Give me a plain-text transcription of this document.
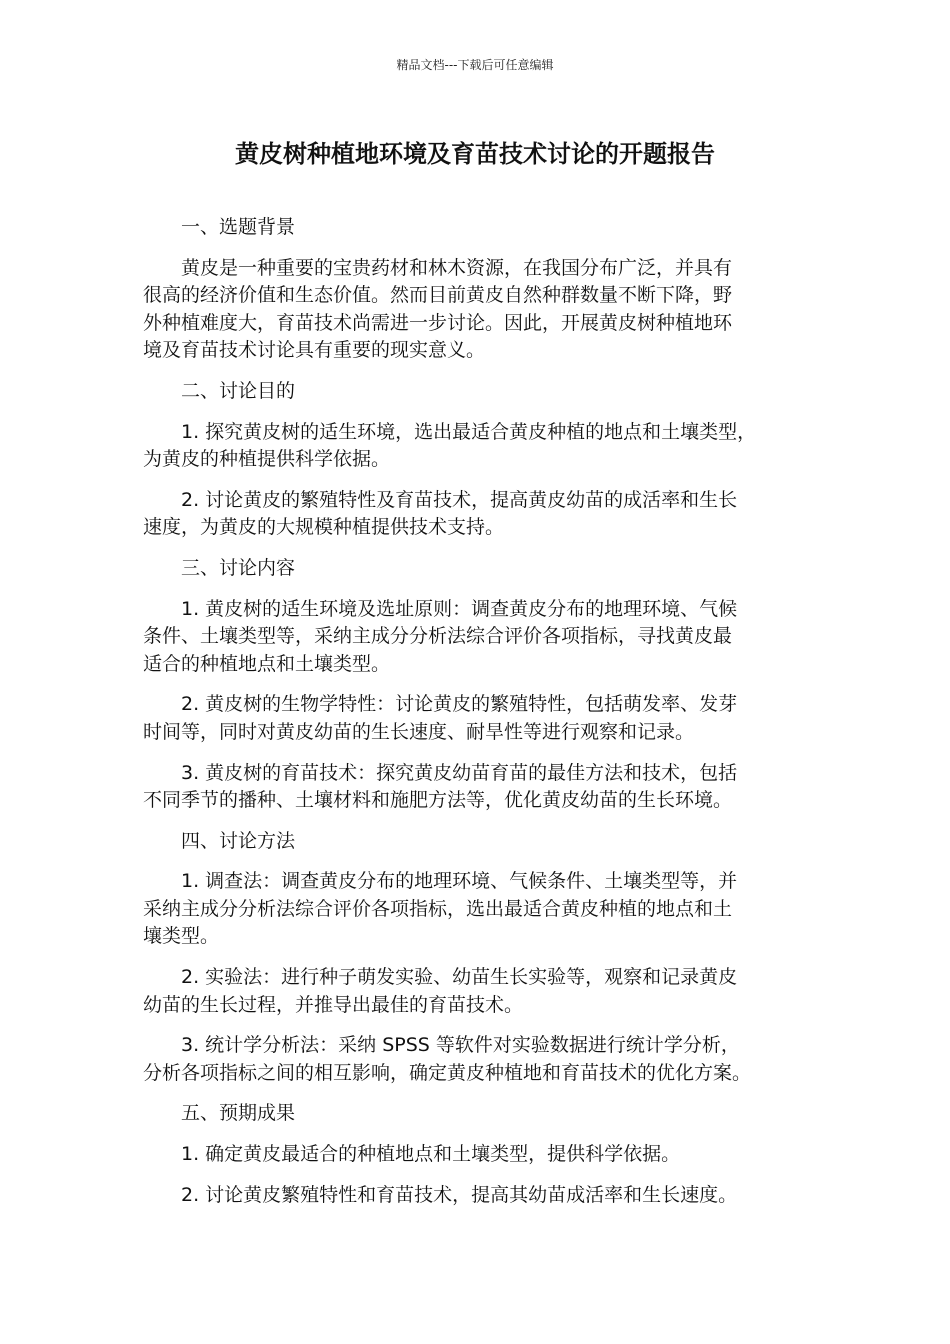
精品文档---下载后可任意编辑
黄皮树种植地环境及育苗技术讨论的开题报告

一、选题背景

黄皮是一种重要的宝贵药材和林木资源，在我国分布广泛，并具有
很高的经济价值和生态价值。然而目前黄皮自然种群数量不断下降，野
外种植难度大，育苗技术尚需进一步讨论。因此，开展黄皮树种植地环
境及育苗技术讨论具有重要的现实意义。

二、讨论目的

1. 探究黄皮树的适生环境，选出最适合黄皮种植的地点和土壤类型，
为黄皮的种植提供科学依据。

2. 讨论黄皮的繁殖特性及育苗技术，提高黄皮幼苗的成活率和生长
速度，为黄皮的大规模种植提供技术支持。

三、讨论内容

1. 黄皮树的适生环境及选址原则：调查黄皮分布的地理环境、气候
条件、土壤类型等，采纳主成分分析法综合评价各项指标，寻找黄皮最
适合的种植地点和土壤类型。

2. 黄皮树的生物学特性：讨论黄皮的繁殖特性，包括萌发率、发芽
时间等，同时对黄皮幼苗的生长速度、耐旱性等进行观察和记录。

3. 黄皮树的育苗技术：探究黄皮幼苗育苗的最佳方法和技术，包括
不同季节的播种、土壤材料和施肥方法等，优化黄皮幼苗的生长环境。

四、讨论方法

1. 调查法：调查黄皮分布的地理环境、气候条件、土壤类型等，并
采纳主成分分析法综合评价各项指标，选出最适合黄皮种植的地点和土
壤类型。

2. 实验法：进行种子萌发实验、幼苗生长实验等，观察和记录黄皮
幼苗的生长过程，并推导出最佳的育苗技术。

3. 统计学分析法：采纳 SPSS 等软件对实验数据进行统计学分析，
分析各项指标之间的相互影响，确定黄皮种植地和育苗技术的优化方案。

五、预期成果

1. 确定黄皮最适合的种植地点和土壤类型，提供科学依据。

2. 讨论黄皮繁殖特性和育苗技术，提高其幼苗成活率和生长速度。
